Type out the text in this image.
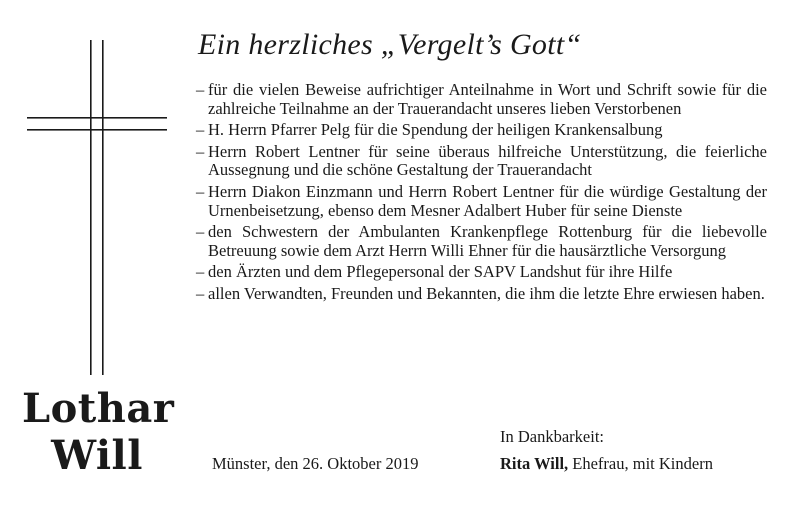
Lothar
Will
Ein herzliches „Vergelt’s Gott“
– für die vielen Beweise aufrichtiger Anteilnahme in Wort und Schrift sowie für die zahlreiche Teilnahme an der Trauerandacht unseres lieben Verstorbenen
– H. Herrn Pfarrer Pelg für die Spendung der heiligen Krankensalbung
– Herrn Robert Lentner für seine überaus hilfreiche Unterstützung, die feierliche Aussegnung und die schöne Gestaltung der Trauerandacht
– Herrn Diakon Einzmann und Herrn Robert Lentner für die würdige Gestaltung der Urnenbeisetzung, ebenso dem Mesner Adalbert Huber für seine Dienste
– den Schwestern der Ambulanten Krankenpflege Rottenburg für die liebevolle Betreuung sowie dem Arzt Herrn Willi Ehner für die hausärztliche Versorgung
– den Ärzten und dem Pflegepersonal der SAPV Landshut für ihre Hilfe
– allen Verwandten, Freunden und Bekannten, die ihm die letzte Ehre erwiesen haben.
In Dankbarkeit:
Münster, den 26. Oktober 2019	Rita Will, Ehefrau, mit Kindern
